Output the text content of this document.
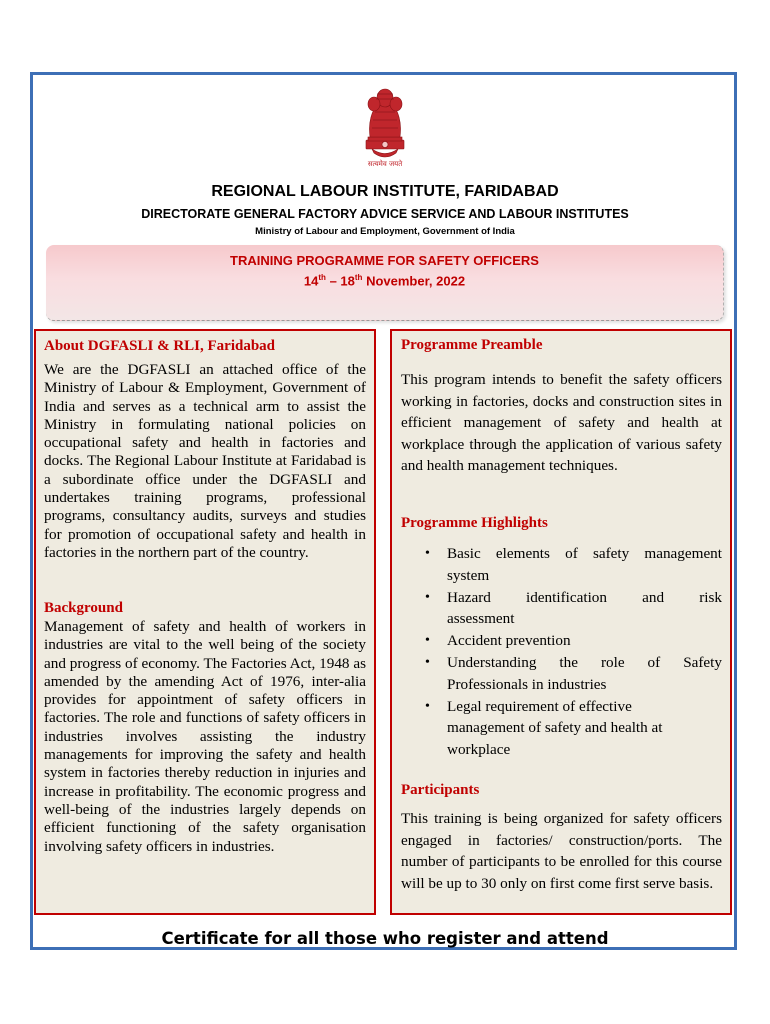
सत्यमेव जयते
REGIONAL LABOUR INSTITUTE, FARIDABAD
DIRECTORATE GENERAL FACTORY ADVICE SERVICE AND LABOUR INSTITUTES
Ministry of Labour and Employment, Government of India
TRAINING PROGRAMME FOR SAFETY OFFICERS
14th – 18th November, 2022
About DGFASLI & RLI, Faridabad
We are the DGFASLI an attached office of the Ministry of Labour & Employment, Government of India and serves as a technical arm to assist the Ministry in formulating national policies on occupational safety and health in factories and docks. The Regional Labour Institute at Faridabad is a subordinate office under the DGFASLI and undertakes training programs, professional programs, consultancy audits, surveys and studies for promotion of occupational safety and health in factories in the northern part of the country.
Background
Management of safety and health of workers in industries are vital to the well being of the society and progress of economy. The Factories Act, 1948 as amended by the amending Act of 1976, inter-alia provides for appointment of safety officers in factories. The role and functions of safety officers in industries involves assisting the industry managements for improving the safety and health system in factories thereby reduction in injuries and increase in profitability. The economic progress and well-being of the industries largely depends on efficient functioning of the safety organisation involving safety officers in industries.
Programme Preamble
This program intends to benefit the safety officers working in factories, docks and construction sites in efficient management of safety and health at workplace through the application of various safety and health management techniques.
Programme Highlights
• Basic elements of safety management system
• Hazard identification and risk assessment
• Accident prevention
• Understanding the role of Safety Professionals in industries
• Legal requirement of effective management of safety and health at workplace
Participants
This training is being organized for safety officers engaged in factories/ construction/ports. The number of participants to be enrolled for this course will be up to 30 only on first come first serve basis.
Certificate for all those who register and attend
